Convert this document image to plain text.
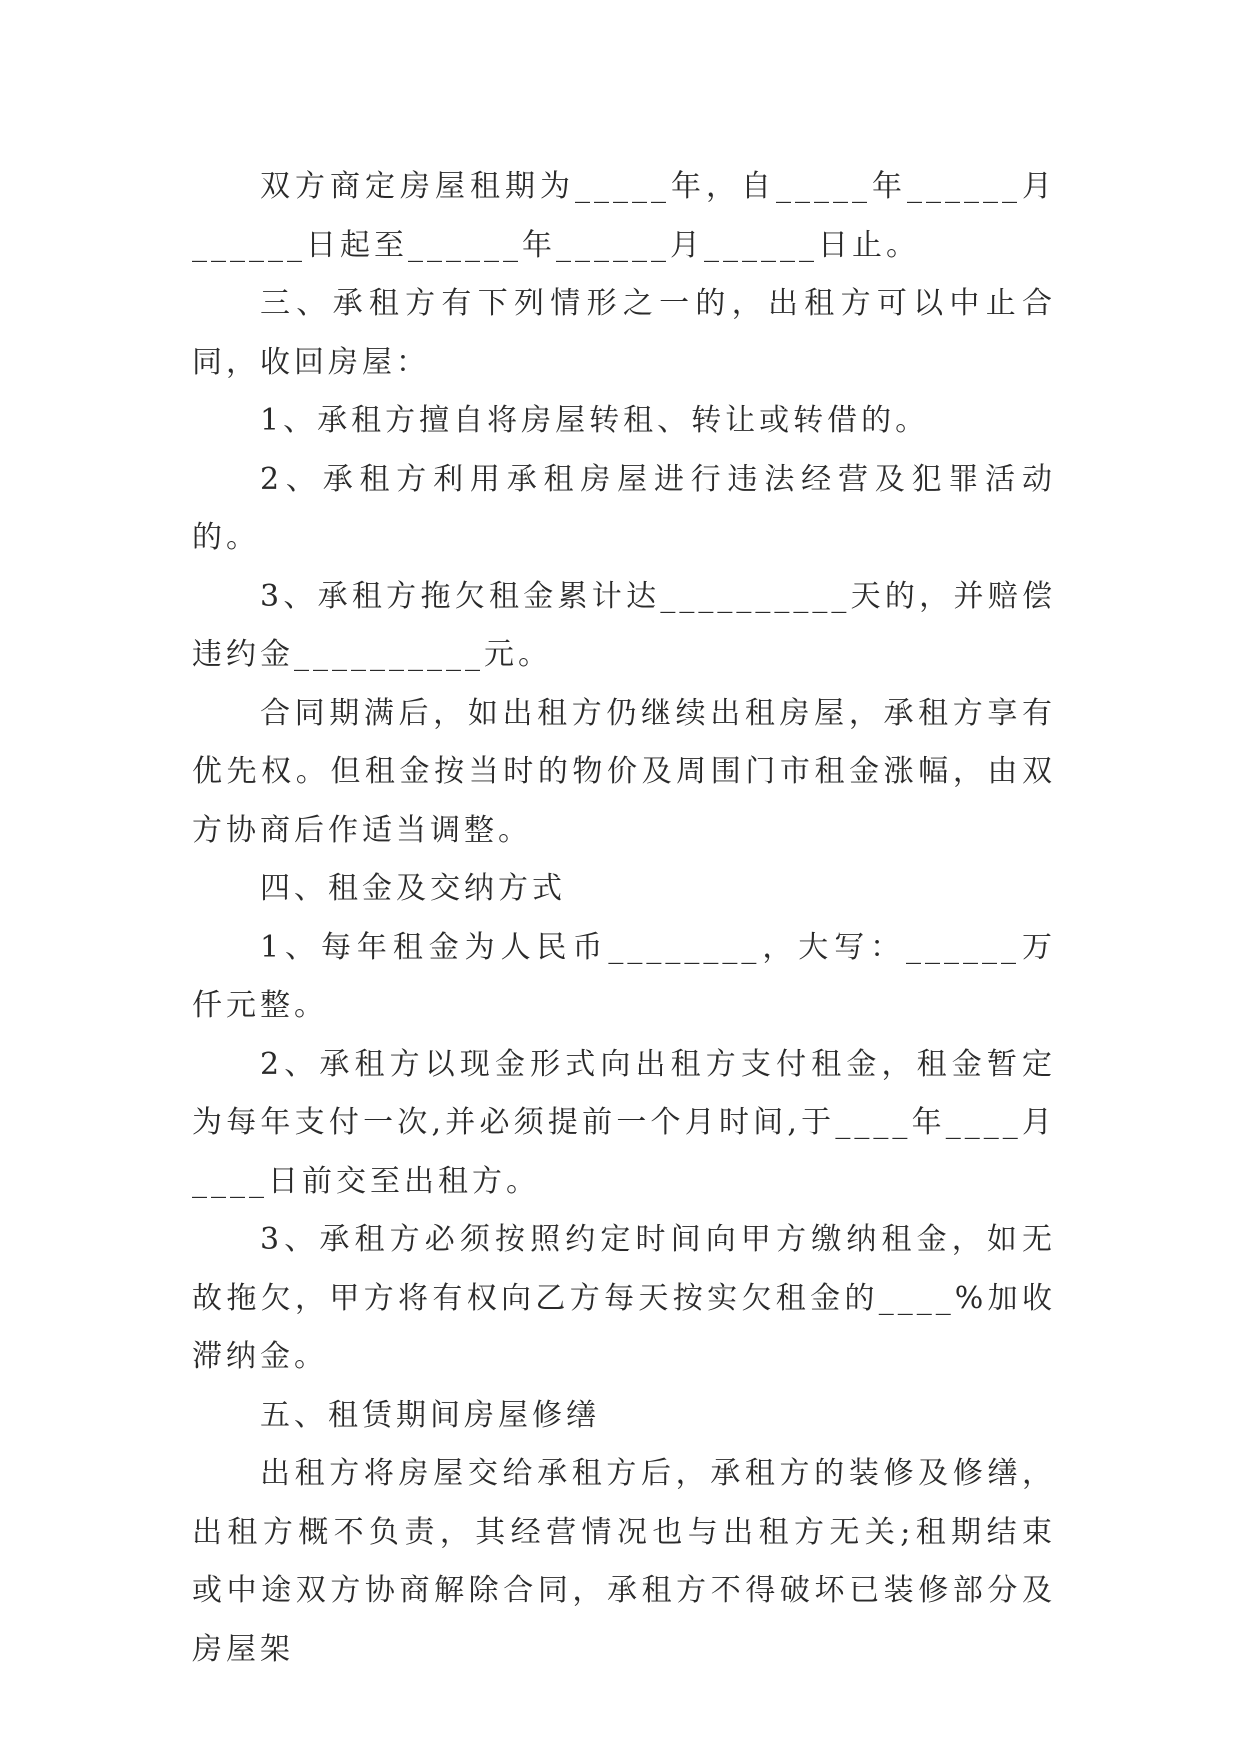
双方商定房屋租期为_____年，自_____年______月______日起至______年______月______日止。

三、承租方有下列情形之一的，出租方可以中止合同，收回房屋：

1、承租方擅自将房屋转租、转让或转借的。

2、承租方利用承租房屋进行违法经营及犯罪活动的。

3、承租方拖欠租金累计达__________天的，并赔偿违约金__________元。

合同期满后，如出租方仍继续出租房屋，承租方享有优先权。但租金按当时的物价及周围门市租金涨幅，由双方协商后作适当调整。

四、租金及交纳方式

1、每年租金为人民币________，大写：______万仟元整。

2、承租方以现金形式向出租方支付租金，租金暂定为每年支付一次,并必须提前一个月时间,于____年____月____日前交至出租方。

3、承租方必须按照约定时间向甲方缴纳租金，如无故拖欠，甲方将有权向乙方每天按实欠租金的____%加收滞纳金。

五、租赁期间房屋修缮

出租方将房屋交给承租方后，承租方的装修及修缮，出租方概不负责，其经营情况也与出租方无关;租期结束或中途双方协商解除合同，承租方不得破坏已装修部分及房屋架
